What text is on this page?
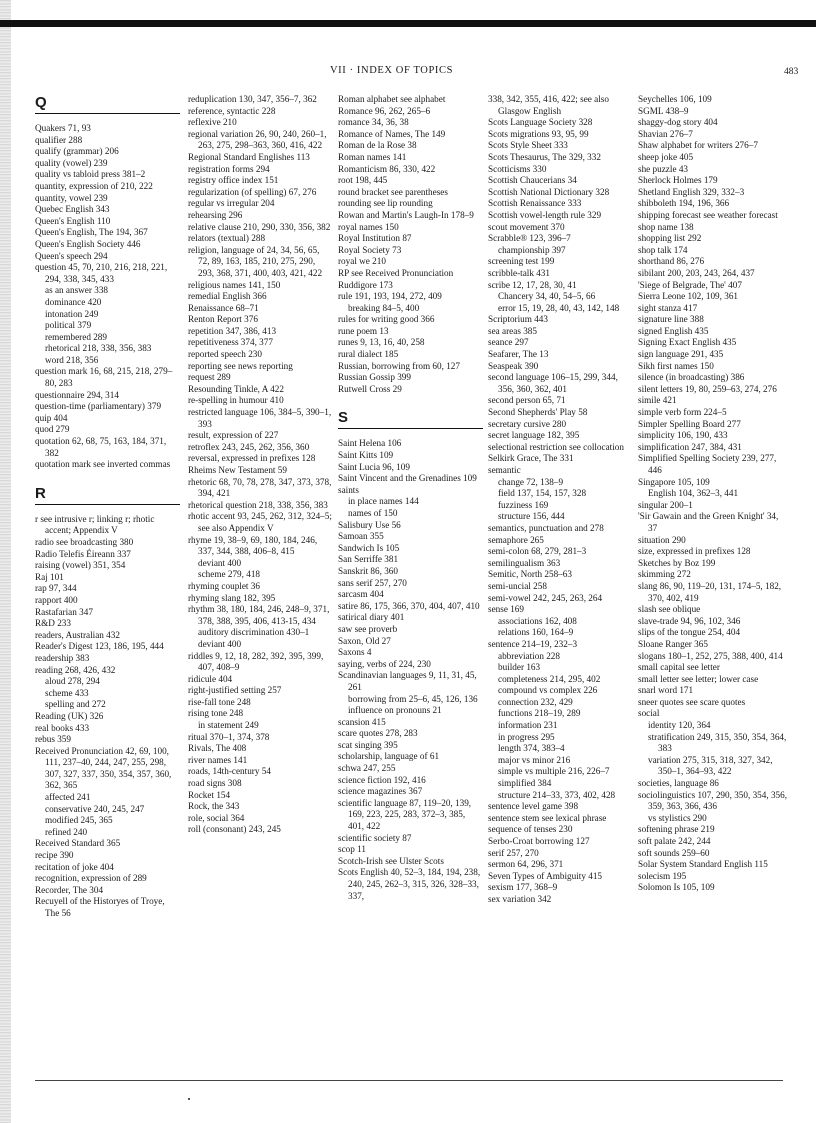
VII · INDEX OF TOPICS	483
Q
Quakers 71, 93
qualifier 288
qualify (grammar) 206
quality (vowel) 239
quality vs tabloid press 381–2
quantity, expression of 210, 222
quantity, vowel 239
Quebec English 343
Queen's English 110
Queen's English, The 194, 367
Queen's English Society 446
Queen's speech 294
question 45, 70, 210, 216, 218, 221, 294, 338, 345, 433
as an answer 338
dominance 420
intonation 249
political 379
remembered 289
rhetorical 218, 338, 356, 383
word 218, 356
question mark 16, 68, 215, 218, 279–80, 283
questionnaire 294, 314
question-time (parliamentary) 379
quip 404
quod 279
quotation 62, 68, 75, 163, 184, 371, 382
quotation mark see inverted commas
R
r see intrusive r; linking r; rhotic accent; Appendix V
radio see broadcasting 380
Radio Telefis Éireann 337
raising (vowel) 351, 354
Raj 101
rap 97, 344
rapport 400
Rastafarian 347
R&D 233
readers, Australian 432
Reader's Digest 123, 186, 195, 444
readership 383
reading 268, 426, 432
aloud 278, 294
scheme 433
spelling and 272
Reading (UK) 326
real books 433
rebus 359
Received Pronunciation 42, 69, 100, 111, 237–40, 244, 247, 255, 298, 307, 327, 337, 350, 354, 357, 360, 362, 365
affected 241
conservative 240, 245, 247
modified 245, 365
refined 240
Received Standard 365
recipe 390
recitation of joke 404
recognition, expression of 289
Recorder, The 304
Recuyell of the Historyes of Troye, The 56
reduplication 130, 347, 356–7, 362
reference, syntactic 228
reflexive 210
regional variation 26, 90, 240, 260–1, 263, 275, 298–363, 360, 416, 422
Regional Standard Englishes 113
registration forms 294
registry office index 151
regularization (of spelling) 67, 276
regular vs irregular 204
rehearsing 296
relative clause 210, 290, 330, 356, 382
relators (textual) 288
religion, language of 24, 34, 56, 65, 72, 89, 163, 185, 210, 275, 290, 293, 368, 371, 400, 403, 421, 422
religious names 141, 150
remedial English 366
Renaissance 68–71
Renton Report 376
repetition 347, 386, 413
repetitiveness 374, 377
reported speech 230
reporting see news reporting
request 289
Resounding Tinkle, A 422
re-spelling in humour 410
restricted language 106, 384–5, 390–1, 393
result, expression of 227
retroflex 243, 245, 262, 356, 360
reversal, expressed in prefixes 128
Rheims New Testament 59
rhetoric 68, 70, 78, 278, 347, 373, 378, 394, 421
rhetorical question 218, 338, 356, 383
rhotic accent 93, 245, 262, 312, 324–5; see also Appendix V
rhyme 19, 38–9, 69, 180, 184, 246, 337, 344, 388, 406–8, 415
deviant 400
scheme 279, 418
rhyming couplet 36
rhyming slang 182, 395
rhythm 38, 180, 184, 246, 248–9, 371, 378, 388, 395, 406, 413-15, 434
auditory discrimination 430–1
deviant 400
riddles 9, 12, 18, 282, 392, 395, 399, 407, 408–9
ridicule 404
right-justified setting 257
rise-fall tone 248
rising tone 248
in statement 249
ritual 370–1, 374, 378
Rivals, The 408
river names 141
roads, 14th-century 54
road signs 308
Rocket 154
Rock, the 343
role, social 364
roll (consonant) 243, 245
Roman alphabet see alphabet
Romance 96, 262, 265–6
romance 34, 36, 38
Romance of Names, The 149
Roman de la Rose 38
Roman names 141
Romanticism 86, 330, 422
root 198, 445
round bracket see parentheses
rounding see lip rounding
Rowan and Martin's Laugh-In 178–9
royal names 150
Royal Institution 87
Royal Society 73
royal we 210
RP see Received Pronunciation
Ruddigore 173
rule 191, 193, 194, 272, 409
breaking 84–5, 400
rules for writing good 366
rune poem 13
runes 9, 13, 16, 40, 258
rural dialect 185
Russian, borrowing from 60, 127
Russian Gossip 399
Rutwell Cross 29
S
Saint Helena 106
Saint Kitts 109
Saint Lucia 96, 109
Saint Vincent and the Grenadines 109
saints
in place names 144
names of 150
Salisbury Use 56
Samoan 355
Sandwich Is 105
San Serriffe 381
Sanskrit 86, 360
sans serif 257, 270
sarcasm 404
satire 86, 175, 366, 370, 404, 407, 410
satirical diary 401
saw see proverb
Saxon, Old 27
Saxons 4
saying, verbs of 224, 230
Scandinavian languages 9, 11, 31, 45, 261
borrowing from 25–6, 45, 126, 136
influence on pronouns 21
scansion 415
scare quotes 278, 283
scat singing 395
scholarship, language of 61
schwa 247, 255
science fiction 192, 416
science magazines 367
scientific language 87, 119–20, 139, 169, 223, 225, 283, 372–3, 385, 401, 422
scientific society 87
scop 11
Scotch-Irish see Ulster Scots
Scots English 40, 52–3, 184, 194, 238, 240, 245, 262–3, 315, 326, 328–33, 337,
338, 342, 355, 416, 422; see also Glasgow English
Scots Language Society 328
Scots migrations 93, 95, 99
Scots Style Sheet 333
Scots Thesaurus, The 329, 332
Scotticisms 330
Scottish Chaucerians 34
Scottish National Dictionary 328
Scottish Renaissance 333
Scottish vowel-length rule 329
scout movement 370
Scrabble® 123, 396–7
championship 397
screening test 199
scribble-talk 431
scribe 12, 17, 28, 30, 41
Chancery 34, 40, 54–5, 66
error 15, 19, 28, 40, 43, 142, 148
Scriptorium 443
sea areas 385
seance 297
Seafarer, The 13
Seaspeak 390
second language 106–15, 299, 344, 356, 360, 362, 401
second person 65, 71
Second Shepherds' Play 58
secretary cursive 280
secret language 182, 395
selectional restriction see collocation
Selkirk Grace, The 331
semantic
change 72, 138–9
field 137, 154, 157, 328
fuzziness 169
structure 156, 444
semantics, punctuation and 278
semaphore 265
semi-colon 68, 279, 281–3
semilingualism 363
Semitic, North 258–63
semi-uncial 258
semi-vowel 242, 245, 263, 264
sense 169
associations 162, 408
relations 160, 164–9
sentence 214–19, 232–3
abbreviation 228
builder 163
completeness 214, 295, 402
compound vs complex 226
connection 232, 429
functions 218–19, 289
information 231
in progress 295
length 374, 383–4
major vs minor 216
simple vs multiple 216, 226–7
simplified 384
structure 214–33, 373, 402, 428
sentence level game 398
sentence stem see lexical phrase
sequence of tenses 230
Serbo-Croat borrowing 127
serif 257, 270
sermon 64, 296, 371
Seven Types of Ambiguity 415
sexism 177, 368–9
sex variation 342
Seychelles 106, 109
SGML 438–9
shaggy-dog story 404
Shavian 276–7
Shaw alphabet for writers 276–7
sheep joke 405
she puzzle 43
Sherlock Holmes 179
Shetland English 329, 332–3
shibboleth 194, 196, 366
shipping forecast see weather forecast
shop name 138
shopping list 292
shop talk 174
shorthand 86, 276
sibilant 200, 203, 243, 264, 437
'Siege of Belgrade, The' 407
Sierra Leone 102, 109, 361
sight stanza 417
signature line 388
signed English 435
Signing Exact English 435
sign language 291, 435
Sikh first names 150
silence (in broadcasting) 386
silent letters 19, 80, 259–63, 274, 276
simile 421
simple verb form 224–5
Simpler Spelling Board 277
simplicity 106, 190, 433
simplification 247, 384, 431
Simplified Spelling Society 239, 277, 446
Singapore 105, 109
English 104, 362–3, 441
singular 200–1
'Sir Gawain and the Green Knight' 34, 37
situation 290
size, expressed in prefixes 128
Sketches by Boz 199
skimming 272
slang 86, 90, 119–20, 131, 174–5, 182, 370, 402, 419
slash see oblique
slave-trade 94, 96, 102, 346
slips of the tongue 254, 404
Sloane Ranger 365
slogans 180–1, 252, 275, 388, 400, 414
small capital see letter
small letter see letter; lower case
snarl word 171
sneer quotes see scare quotes
social
identity 120, 364
stratification 249, 315, 350, 354, 364, 383
variation 275, 315, 318, 327, 342, 350–1, 364–93, 422
societies, language 86
sociolinguistics 107, 290, 350, 354, 356, 359, 363, 366, 436
vs stylistics 290
softening phrase 219
soft palate 242, 244
soft sounds 259–60
Solar System Standard English 115
solecism 195
Solomon Is 105, 109
